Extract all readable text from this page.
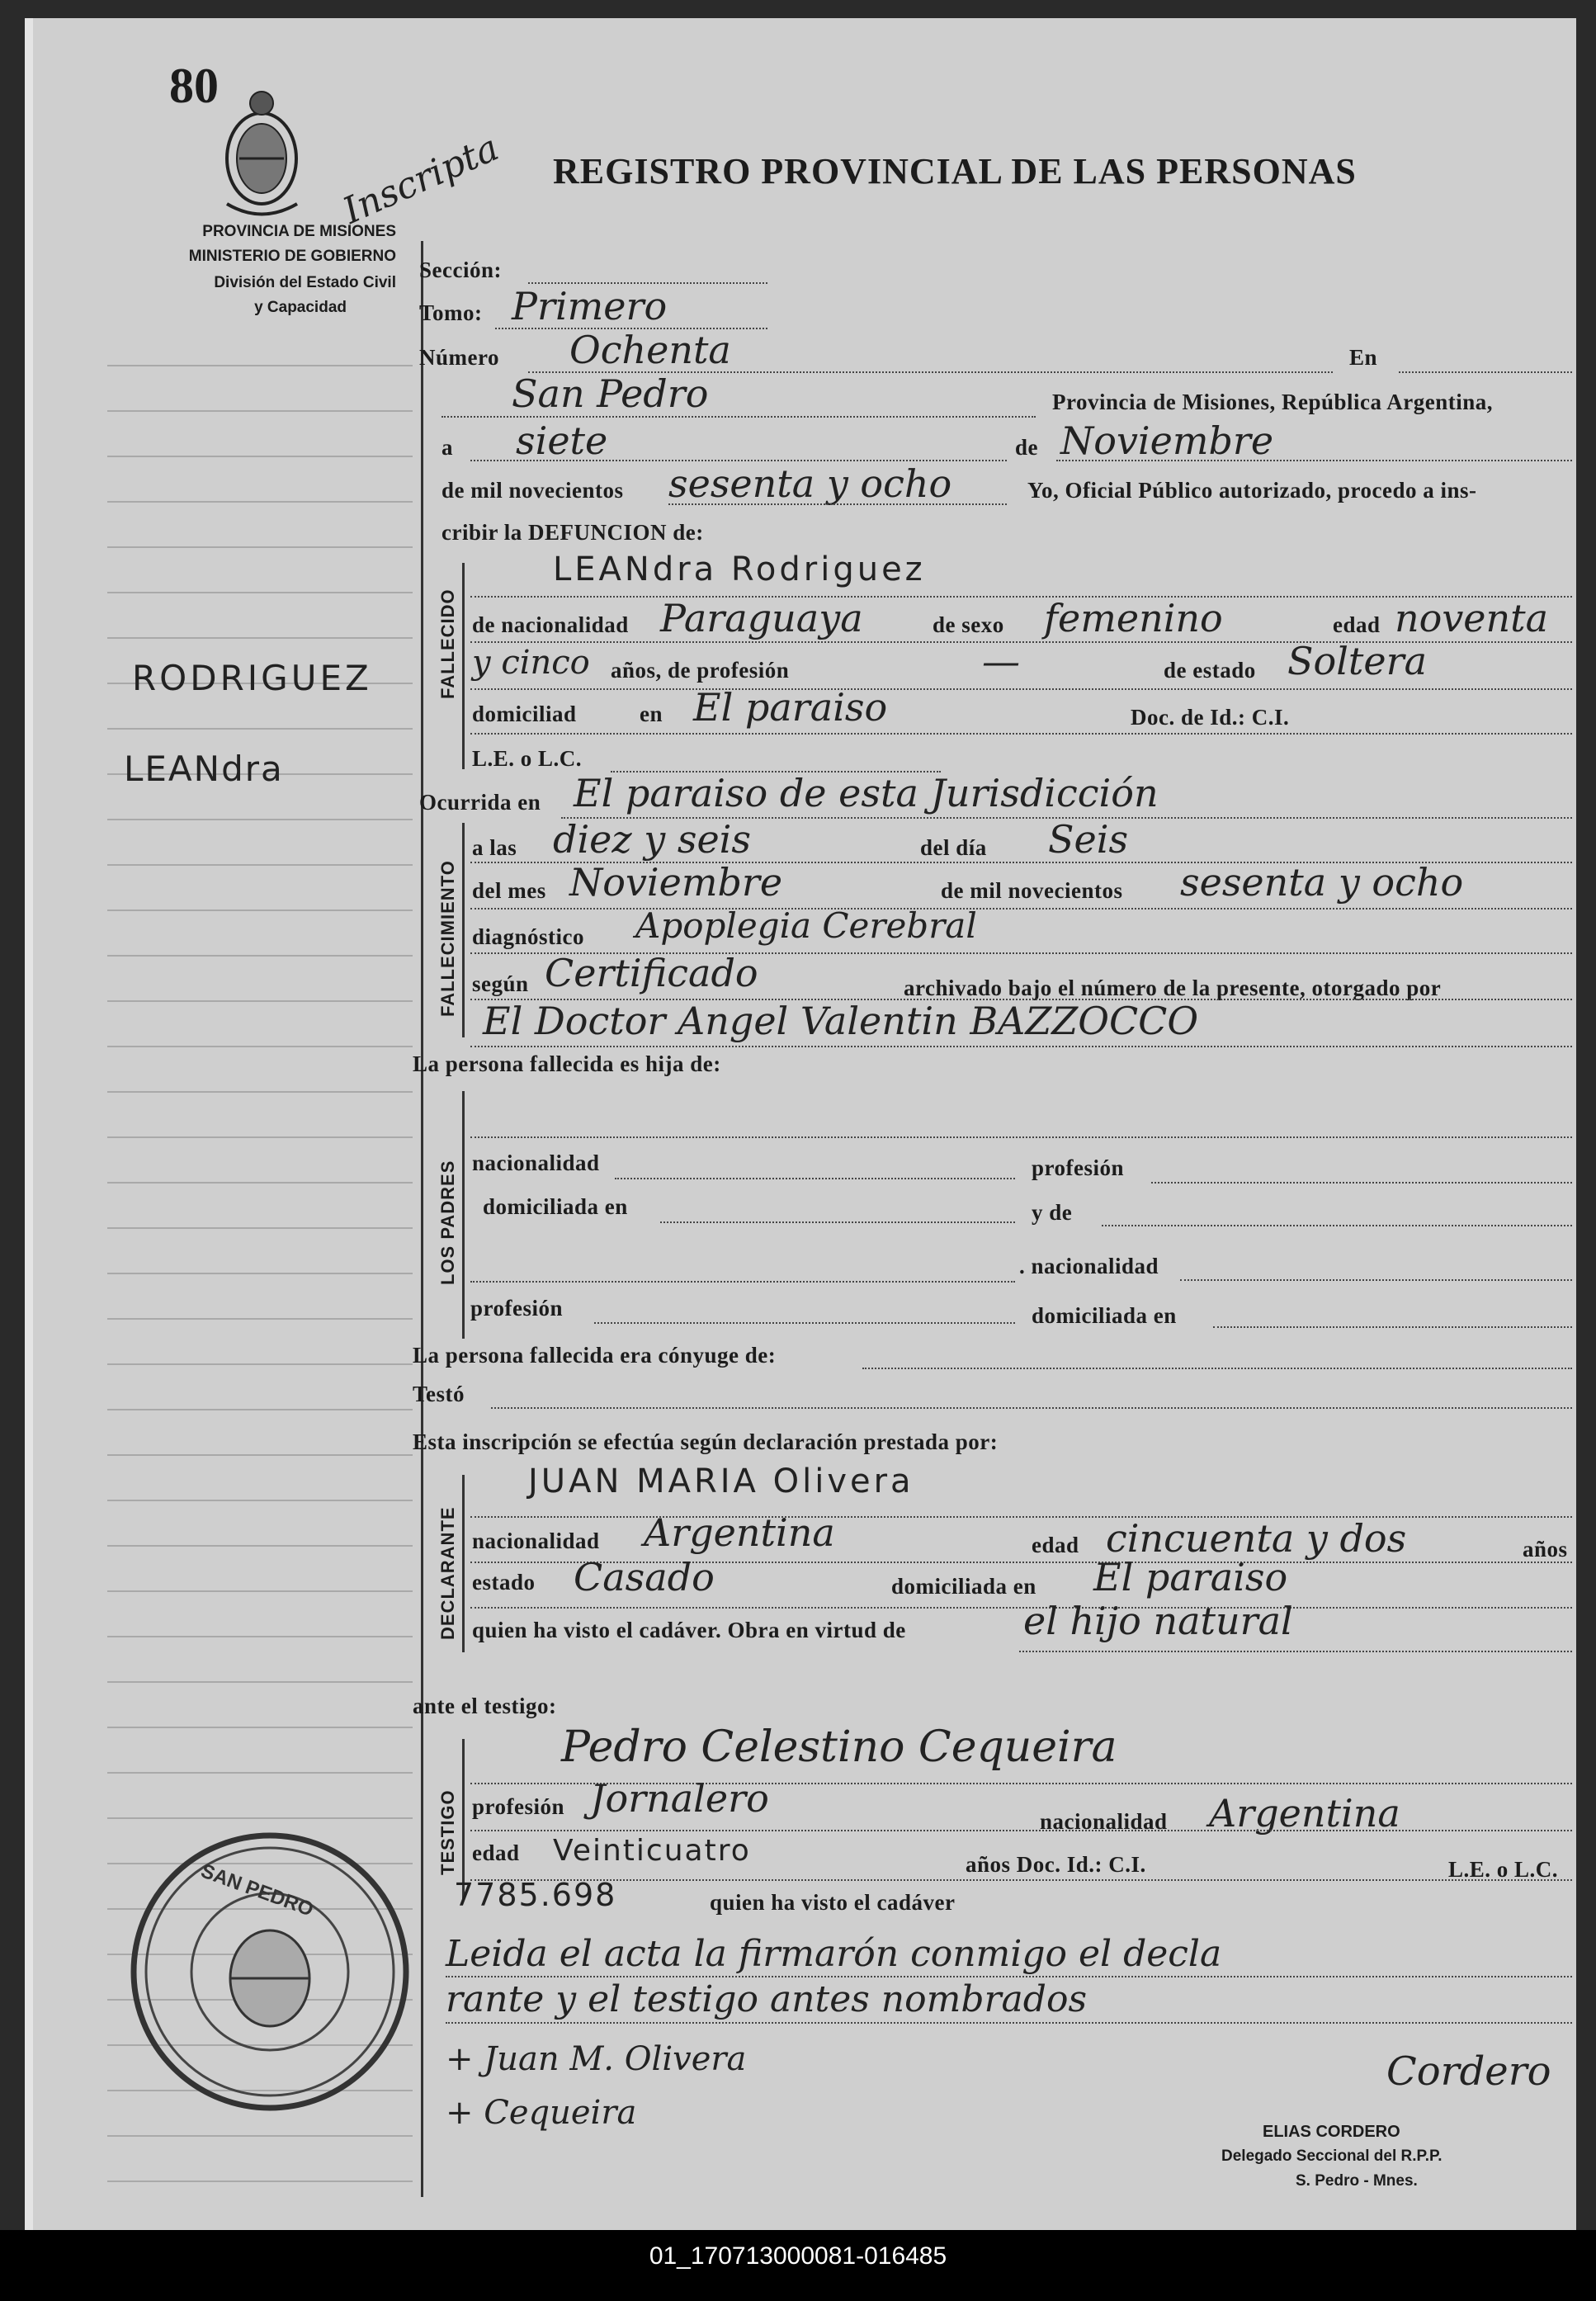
80
PROVINCIA DE MISIONES
MINISTERIO DE GOBIERNO
División del Estado Civil
y Capacidad
Inscripta REGISTRO PROVINCIAL DE LAS PERSONAS
RODRIGUEZ
LEANdra
Sección:
Tomo: Primero
Número Ochenta	En
San Pedro	Provincia de Misiones, República Argentina,
a siete	de Noviembre
de mil novecientos sesenta y ocho	Yo, Oficial Público autorizado, procedo a ins-
cribir la DEFUNCION de:
FALLECIDO
LEANdra Rodriguez
de nacionalidad Paraguaya	de sexo femenino	edad noventa
y cinco años, de profesión	—	de estado Soltera
domiciliad	en El paraiso	Doc. de Id.: C.I.
L.E. o L.C.
Ocurrida en El paraiso de esta Jurisdicción
FALLECIMIENTO
a las diez y seis	del día Seis
del mes Noviembre	de mil novecientos sesenta y ocho
diagnóstico Apoplegia Cerebral
según Certificado	archivado bajo el número de la presente, otorgado por
El Doctor Angel Valentin BAZZOCCO
La persona fallecida es hija de:
LOS PADRES nacionalidad	profesión
domiciliada en	y de
. nacionalidad
profesión	domiciliada en
La persona fallecida era cónyuge de:
Testó
Esta inscripción se efectúa según declaración prestada por:
DECLARANTE
JUAN MARIA Olivera
nacionalidad Argentina	edad cincuenta y dos	años
estado Casado	domiciliada en El paraiso
quien ha visto el cadáver. Obra en virtud de	el hijo natural
ante el testigo:
TESTIGO
Pedro Celestino Cequeira
profesión Jornalero
nacionalidad Argentina
edad Veinticuatro	años Doc. Id.: C.I.	L.E. o L.C.
7785.698	quien ha visto el cadáver
Leida el acta la firmarón conmigo el decla
rante y el testigo antes nombrados
+ Juan M. Olivera
+ Cequeira
Cordero
ELIAS CORDERO
Delegado Seccional del R.P.P.
S. Pedro - Mnes.
SAN PEDRO
01_170713000081-016485
